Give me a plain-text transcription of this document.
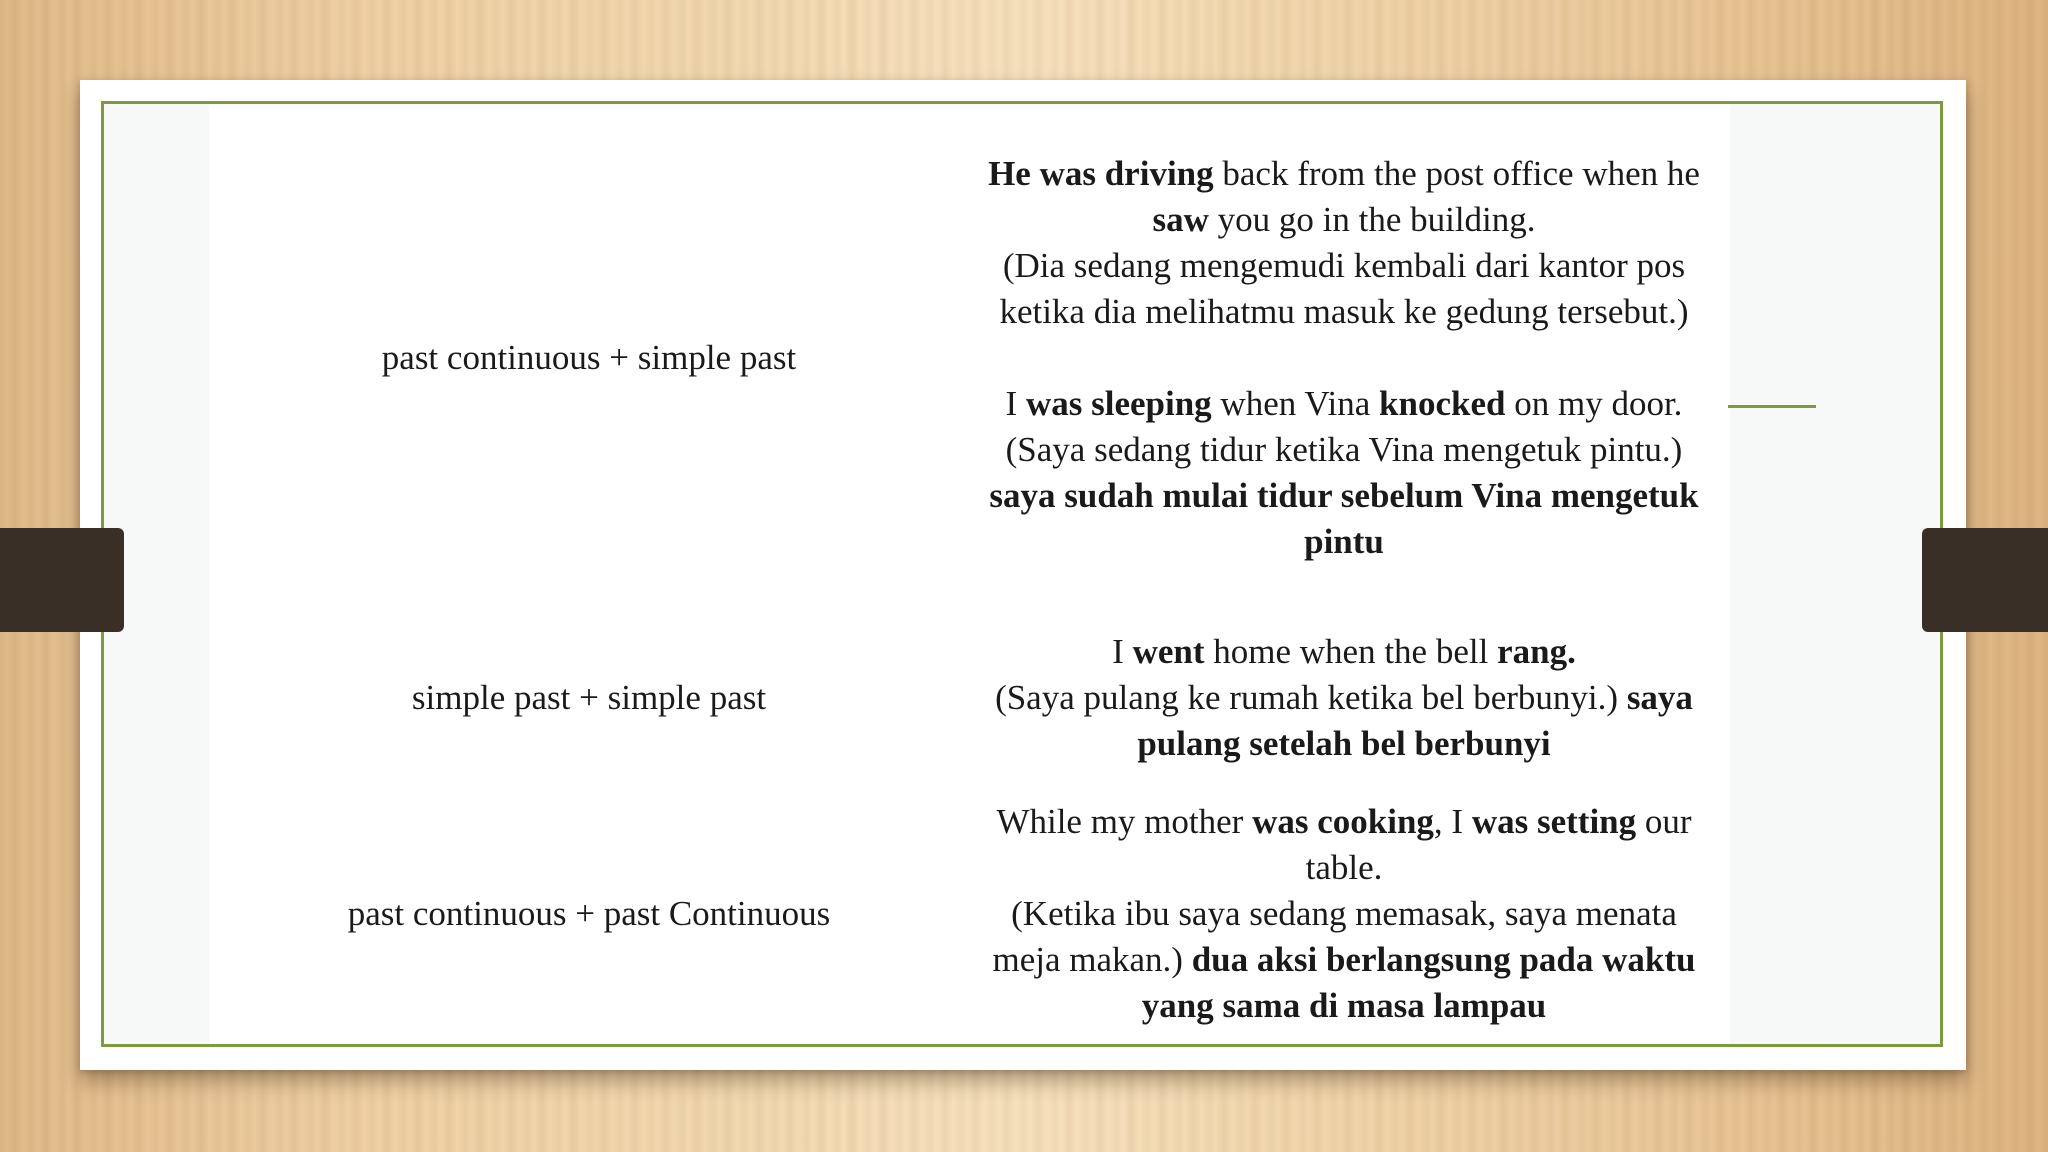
past continuous + simple past

He was driving back from the post office when he saw you go in the building.
(Dia sedang mengemudi kembali dari kantor pos ketika dia melihatmu masuk ke gedung tersebut.)

I was sleeping when Vina knocked on my door.
(Saya sedang tidur ketika Vina mengetuk pintu.) saya sudah mulai tidur sebelum Vina mengetuk pintu

simple past + simple past

I went home when the bell rang.
(Saya pulang ke rumah ketika bel berbunyi.) saya pulang setelah bel berbunyi

past continuous + past Continuous

While my mother was cooking, I was setting our table.
(Ketika ibu saya sedang memasak, saya menata meja makan.) dua aksi berlangsung pada waktu yang sama di masa lampau
